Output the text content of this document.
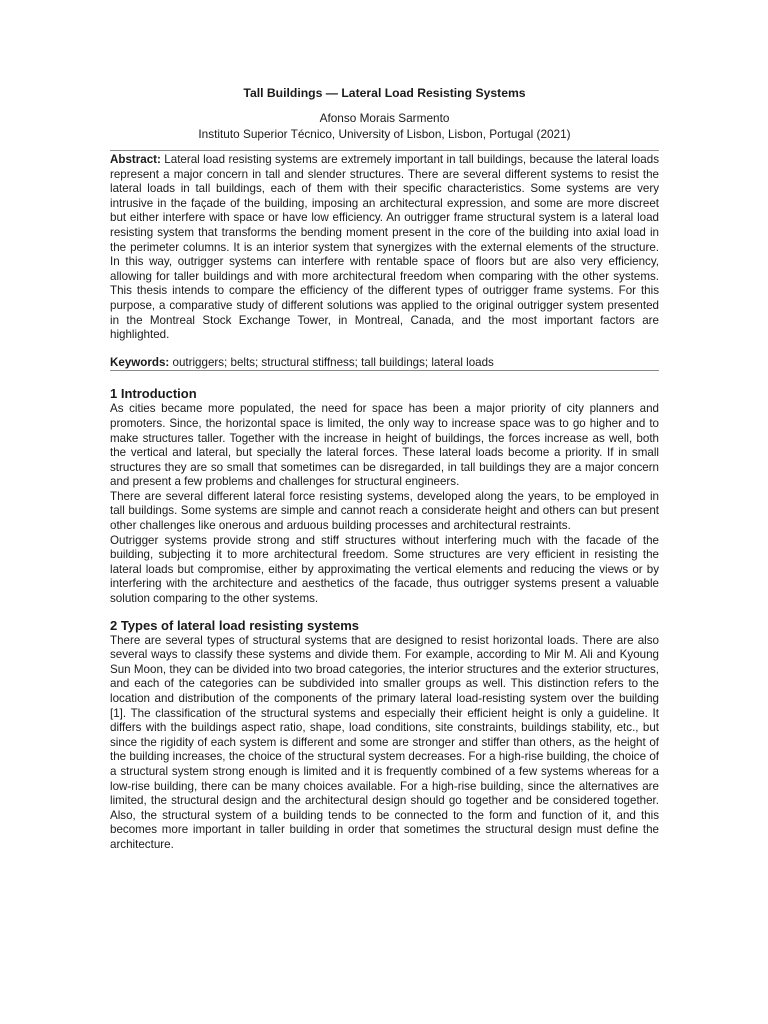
Tall Buildings — Lateral Load Resisting Systems
Afonso Morais Sarmento
Instituto Superior Técnico, University of Lisbon, Lisbon, Portugal (2021)

Abstract: Lateral load resisting systems are extremely important in tall buildings, because the lateral loads represent a major concern in tall and slender structures. There are several different systems to resist the lateral loads in tall buildings, each of them with their specific characteristics. Some systems are very intrusive in the façade of the building, imposing an architectural expression, and some are more discreet but either interfere with space or have low efficiency. An outrigger frame structural system is a lateral load resisting system that transforms the bending moment present in the core of the building into axial load in the perimeter columns. It is an interior system that synergizes with the external elements of the structure. In this way, outrigger systems can interfere with rentable space of floors but are also very efficiency, allowing for taller buildings and with more architectural freedom when comparing with the other systems. This thesis intends to compare the efficiency of the different types of outrigger frame systems. For this purpose, a comparative study of different solutions was applied to the original outrigger system presented in the Montreal Stock Exchange Tower, in Montreal, Canada, and the most important factors are highlighted.

Keywords: outriggers; belts; structural stiffness; tall buildings; lateral loads
1 Introduction

As cities became more populated, the need for space has been a major priority of city planners and promoters. Since, the horizontal space is limited, the only way to increase space was to go higher and to make structures taller. Together with the increase in height of buildings, the forces increase as well, both the vertical and lateral, but specially the lateral forces. These lateral loads become a priority. If in small structures they are so small that sometimes can be disregarded, in tall buildings they are a major concern and present a few problems and challenges for structural engineers.

There are several different lateral force resisting systems, developed along the years, to be employed in tall buildings. Some systems are simple and cannot reach a considerate height and others can but present other challenges like onerous and arduous building processes and architectural restraints.

Outrigger systems provide strong and stiff structures without interfering much with the facade of the building, subjecting it to more architectural freedom. Some structures are very efficient in resisting the lateral loads but compromise, either by approximating the vertical elements and reducing the views or by interfering with the architecture and aesthetics of the facade, thus outrigger systems present a valuable solution comparing to the other systems.

2 Types of lateral load resisting systems

There are several types of structural systems that are designed to resist horizontal loads. There are also several ways to classify these systems and divide them. For example, according to Mir M. Ali and Kyoung Sun Moon, they can be divided into two broad categories, the interior structures and the exterior structures, and each of the categories can be subdivided into smaller groups as well. This distinction refers to the location and distribution of the components of the primary lateral load-resisting system over the building [1]. The classification of the structural systems and especially their efficient height is only a guideline. It differs with the buildings aspect ratio, shape, load conditions, site constraints, buildings stability, etc., but since the rigidity of each system is different and some are stronger and stiffer than others, as the height of the building increases, the choice of the structural system decreases. For a high-rise building, the choice of a structural system strong enough is limited and it is frequently combined of a few systems whereas for a low-rise building, there can be many choices available. For a high-rise building, since the alternatives are limited, the structural design and the architectural design should go together and be considered together. Also, the structural system of a building tends to be connected to the form and function of it, and this becomes more important in taller building in order that sometimes the structural design must define the architecture.
